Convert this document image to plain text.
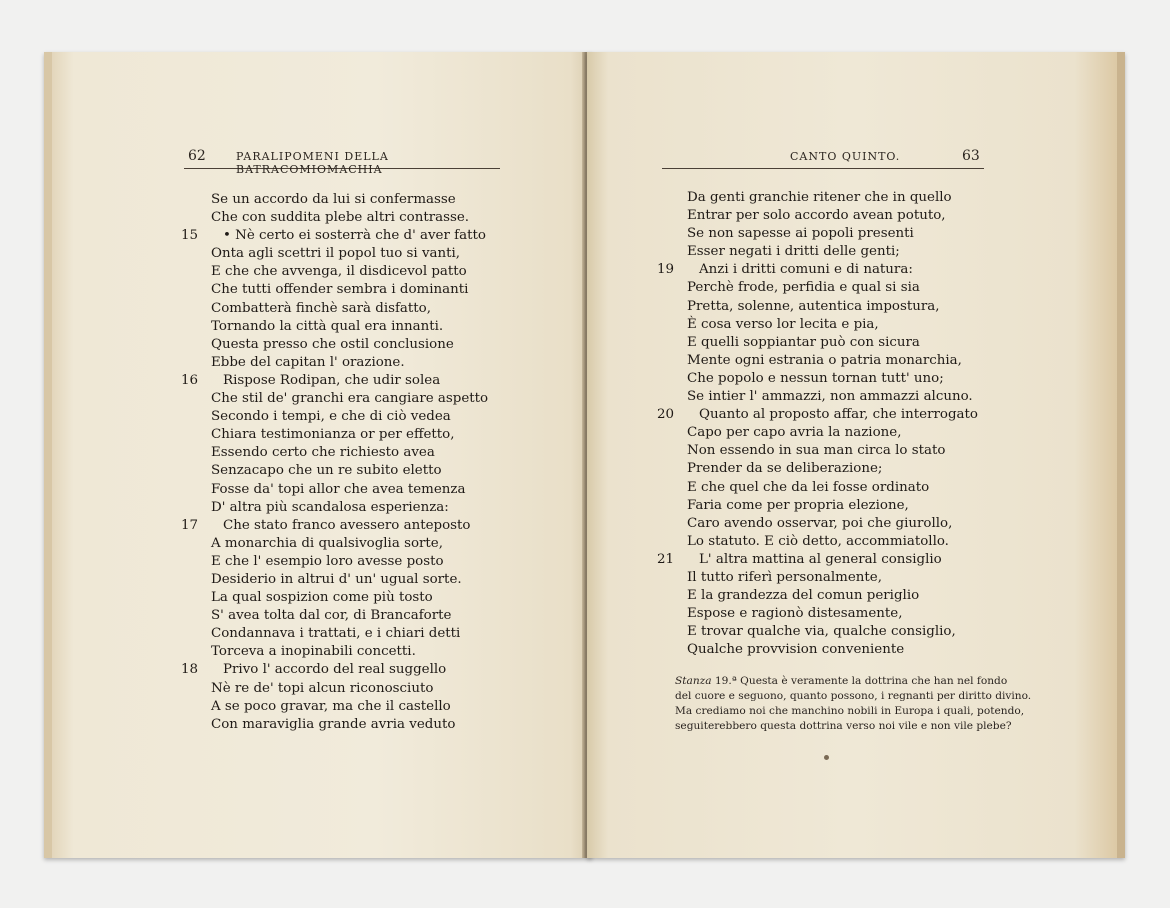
62	PARALIPOMENI DELLA BATRACOMIOMACHIA
Se un accordo da lui si confermasse
Che con suddita plebe altri contrasse.
15 • Nè certo ei sosterrà che d' aver fatto
Onta agli scettri il popol tuo si vanti,
E che che avvenga, il disdicevol patto
Che tutti offender sembra i dominanti
Combatterà finchè sarà disfatto,
Tornando la città qual era innanti.
Questa presso che ostil conclusione
Ebbe del capitan l' orazione.
16 Rispose Rodipan, che udir solea
Che stil de' granchi era cangiare aspetto
Secondo i tempi, e che di ciò vedea
Chiara testimonianza or per effetto,
Essendo certo che richiesto avea
Senzacapo che un re subito eletto
Fosse da' topi allor che avea temenza
D' altra più scandalosa esperienza:
17 Che stato franco avessero anteposto
A monarchia di qualsivoglia sorte,
E che l' esempio loro avesse posto
Desiderio in altrui d' un' ugual sorte.
La qual sospizion come più tosto
S' avea tolta dal cor, di Brancaforte
Condannava i trattati, e i chiari detti
Torceva a inopinabili concetti.
18 Privo l' accordo del real suggello
Nè re de' topi alcun riconosciuto
A se poco gravar, ma che il castello
Con maraviglia grande avria veduto
CANTO QUINTO.	63
Da genti granchie ritener che in quello
Entrar per solo accordo avean potuto,
Se non sapesse ai popoli presenti
Esser negati i dritti delle genti;
19 Anzi i dritti comuni e di natura:
Perchè frode, perfidia e qual si sia
Pretta, solenne, autentica impostura,
È cosa verso lor lecita e pia,
E quelli soppiantar può con sicura
Mente ogni estrania o patria monarchia,
Che popolo e nessun tornan tutt' uno;
Se intier l' ammazzi, non ammazzi alcuno.
20 Quanto al proposto affar, che interrogato
Capo per capo avria la nazione,
Non essendo in sua man circa lo stato
Prender da se deliberazione;
E che quel che da lei fosse ordinato
Faria come per propria elezione,
Caro avendo osservar, poi che giurollo,
Lo statuto. E ciò detto, accommiatollo.
21 L' altra mattina al general consiglio
Il tutto riferì personalmente,
E la grandezza del comun periglio
Espose e ragionò distesamente,
E trovar qualche via, qualche consiglio,
Qualche provvision conveniente
Stanza 19.ª Questa è veramente la dottrina che han nel fondo
del cuore e seguono, quanto possono, i regnanti per diritto divino.
Ma crediamo noi che manchino nobili in Europa i quali, potendo,
seguiterebbero questa dottrina verso noi vile e non vile plebe?
